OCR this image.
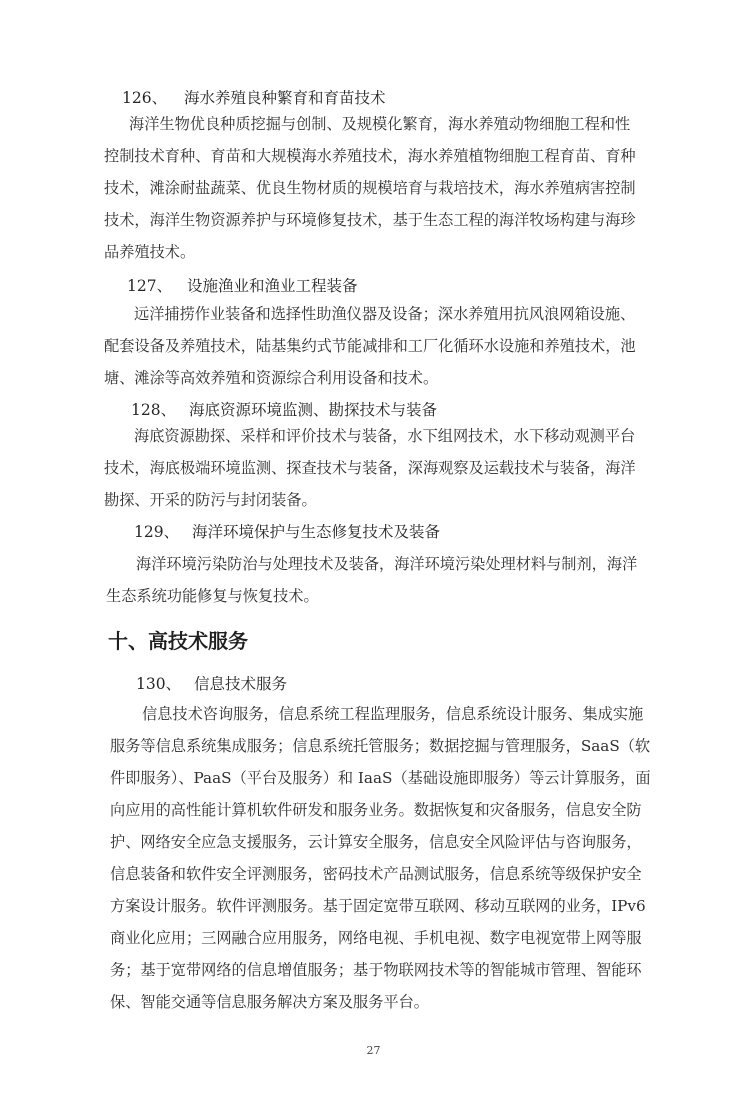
126、 海水养殖良种繁育和育苗技术
海洋生物优良种质挖掘与创制、及规模化繁育，海水养殖动物细胞工程和性
控制技术育种、育苗和大规模海水养殖技术，海水养殖植物细胞工程育苗、育种
技术，滩涂耐盐蔬菜、优良生物材质的规模培育与栽培技术，海水养殖病害控制
技术，海洋生物资源养护与环境修复技术，基于生态工程的海洋牧场构建与海珍
品养殖技术。
127、 设施渔业和渔业工程装备
远洋捕捞作业装备和选择性助渔仪器及设备；深水养殖用抗风浪网箱设施、
配套设备及养殖技术，陆基集约式节能减排和工厂化循环水设施和养殖技术，池
塘、滩涂等高效养殖和资源综合利用设备和技术。
128、 海底资源环境监测、勘探技术与装备
海底资源勘探、采样和评价技术与装备，水下组网技术，水下移动观测平台
技术，海底极端环境监测、探查技术与装备，深海观察及运载技术与装备，海洋
勘探、开采的防污与封闭装备。
129、 海洋环境保护与生态修复技术及装备
海洋环境污染防治与处理技术及装备，海洋环境污染处理材料与制剂，海洋
生态系统功能修复与恢复技术。
十、高技术服务
130、 信息技术服务
信息技术咨询服务，信息系统工程监理服务，信息系统设计服务、集成实施
服务等信息系统集成服务；信息系统托管服务；数据挖掘与管理服务，SaaS（软
件即服务）、PaaS（平台及服务）和 IaaS（基础设施即服务）等云计算服务，面
向应用的高性能计算机软件研发和服务业务。数据恢复和灾备服务，信息安全防
护、网络安全应急支援服务，云计算安全服务，信息安全风险评估与咨询服务，
信息装备和软件安全评测服务，密码技术产品测试服务，信息系统等级保护安全
方案设计服务。软件评测服务。基于固定宽带互联网、移动互联网的业务，IPv6
商业化应用；三网融合应用服务，网络电视、手机电视、数字电视宽带上网等服
务；基于宽带网络的信息增值服务；基于物联网技术等的智能城市管理、智能环
保、智能交通等信息服务解决方案及服务平台。
27
